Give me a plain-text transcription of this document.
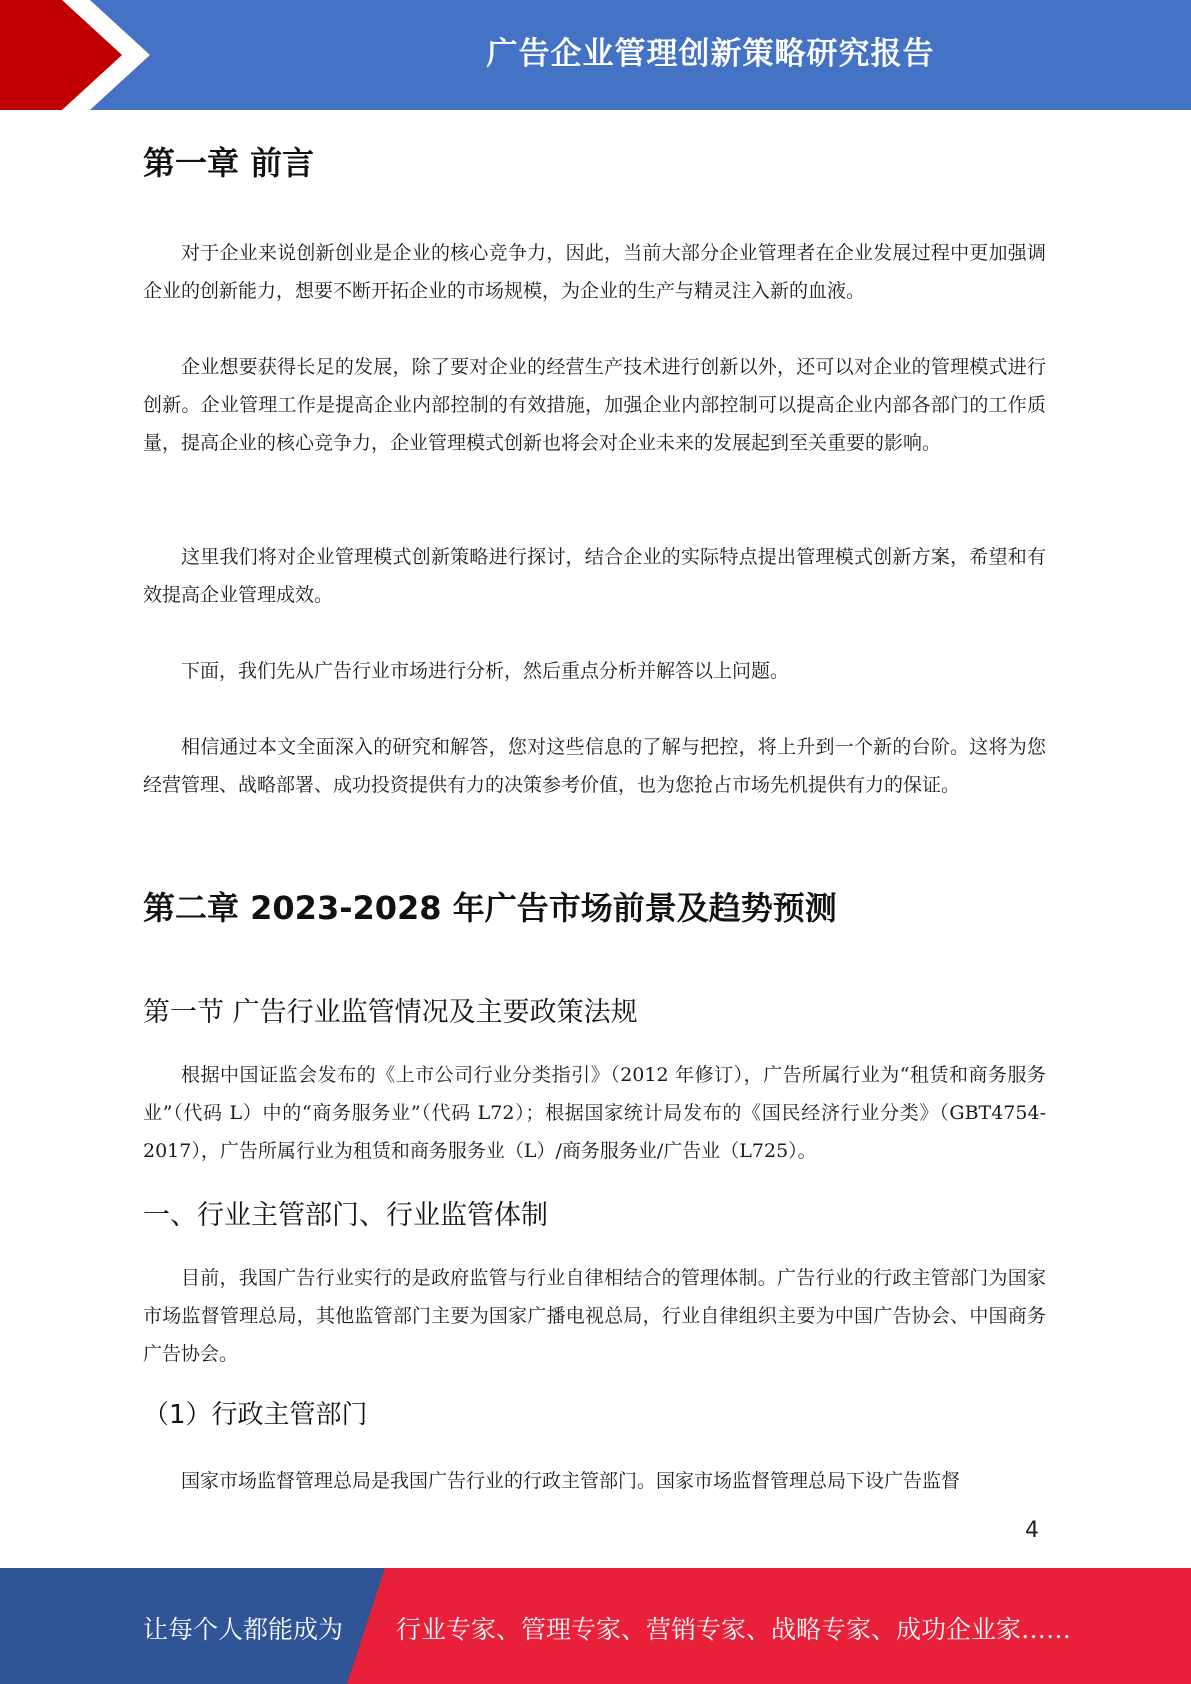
广告企业管理创新策略研究报告
第一章 前言

对于企业来说创新创业是企业的核心竞争力，因此，当前大部分企业管理者在企业发展过程中更加强调企业的创新能力，想要不断开拓企业的市场规模，为企业的生产与精灵注入新的血液。

企业想要获得长足的发展，除了要对企业的经营生产技术进行创新以外，还可以对企业的管理模式进行创新。企业管理工作是提高企业内部控制的有效措施，加强企业内部控制可以提高企业内部各部门的工作质量，提高企业的核心竞争力，企业管理模式创新也将会对企业未来的发展起到至关重要的影响。

这里我们将对企业管理模式创新策略进行探讨，结合企业的实际特点提出管理模式创新方案，希望和有效提高企业管理成效。

下面，我们先从广告行业市场进行分析，然后重点分析并解答以上问题。

相信通过本文全面深入的研究和解答，您对这些信息的了解与把控，将上升到一个新的台阶。这将为您经营管理、战略部署、成功投资提供有力的决策参考价值，也为您抢占市场先机提供有力的保证。

第二章 2023-2028 年广告市场前景及趋势预测
第一节 广告行业监管情况及主要政策法规

根据中国证监会发布的《上市公司行业分类指引》（2012 年修订），广告所属行业为“租赁和商务服务业”（代码 L）中的“商务服务业”（代码 L72）；根据国家统计局发布的《国民经济行业分类》（GBT4754-2017），广告所属行业为租赁和商务服务业（L）/商务服务业/广告业（L725）。

一、行业主管部门、行业监管体制

目前，我国广告行业实行的是政府监管与行业自律相结合的管理体制。广告行业的行政主管部门为国家市场监督管理总局，其他监管部门主要为国家广播电视总局，行业自律组织主要为中国广告协会、中国商务广告协会。

（1）行政主管部门

国家市场监督管理总局是我国广告行业的行政主管部门。国家市场监督管理总局下设广告监督

4
让每个人都能成为 行业专家、管理专家、营销专家、战略专家、成功企业家……
